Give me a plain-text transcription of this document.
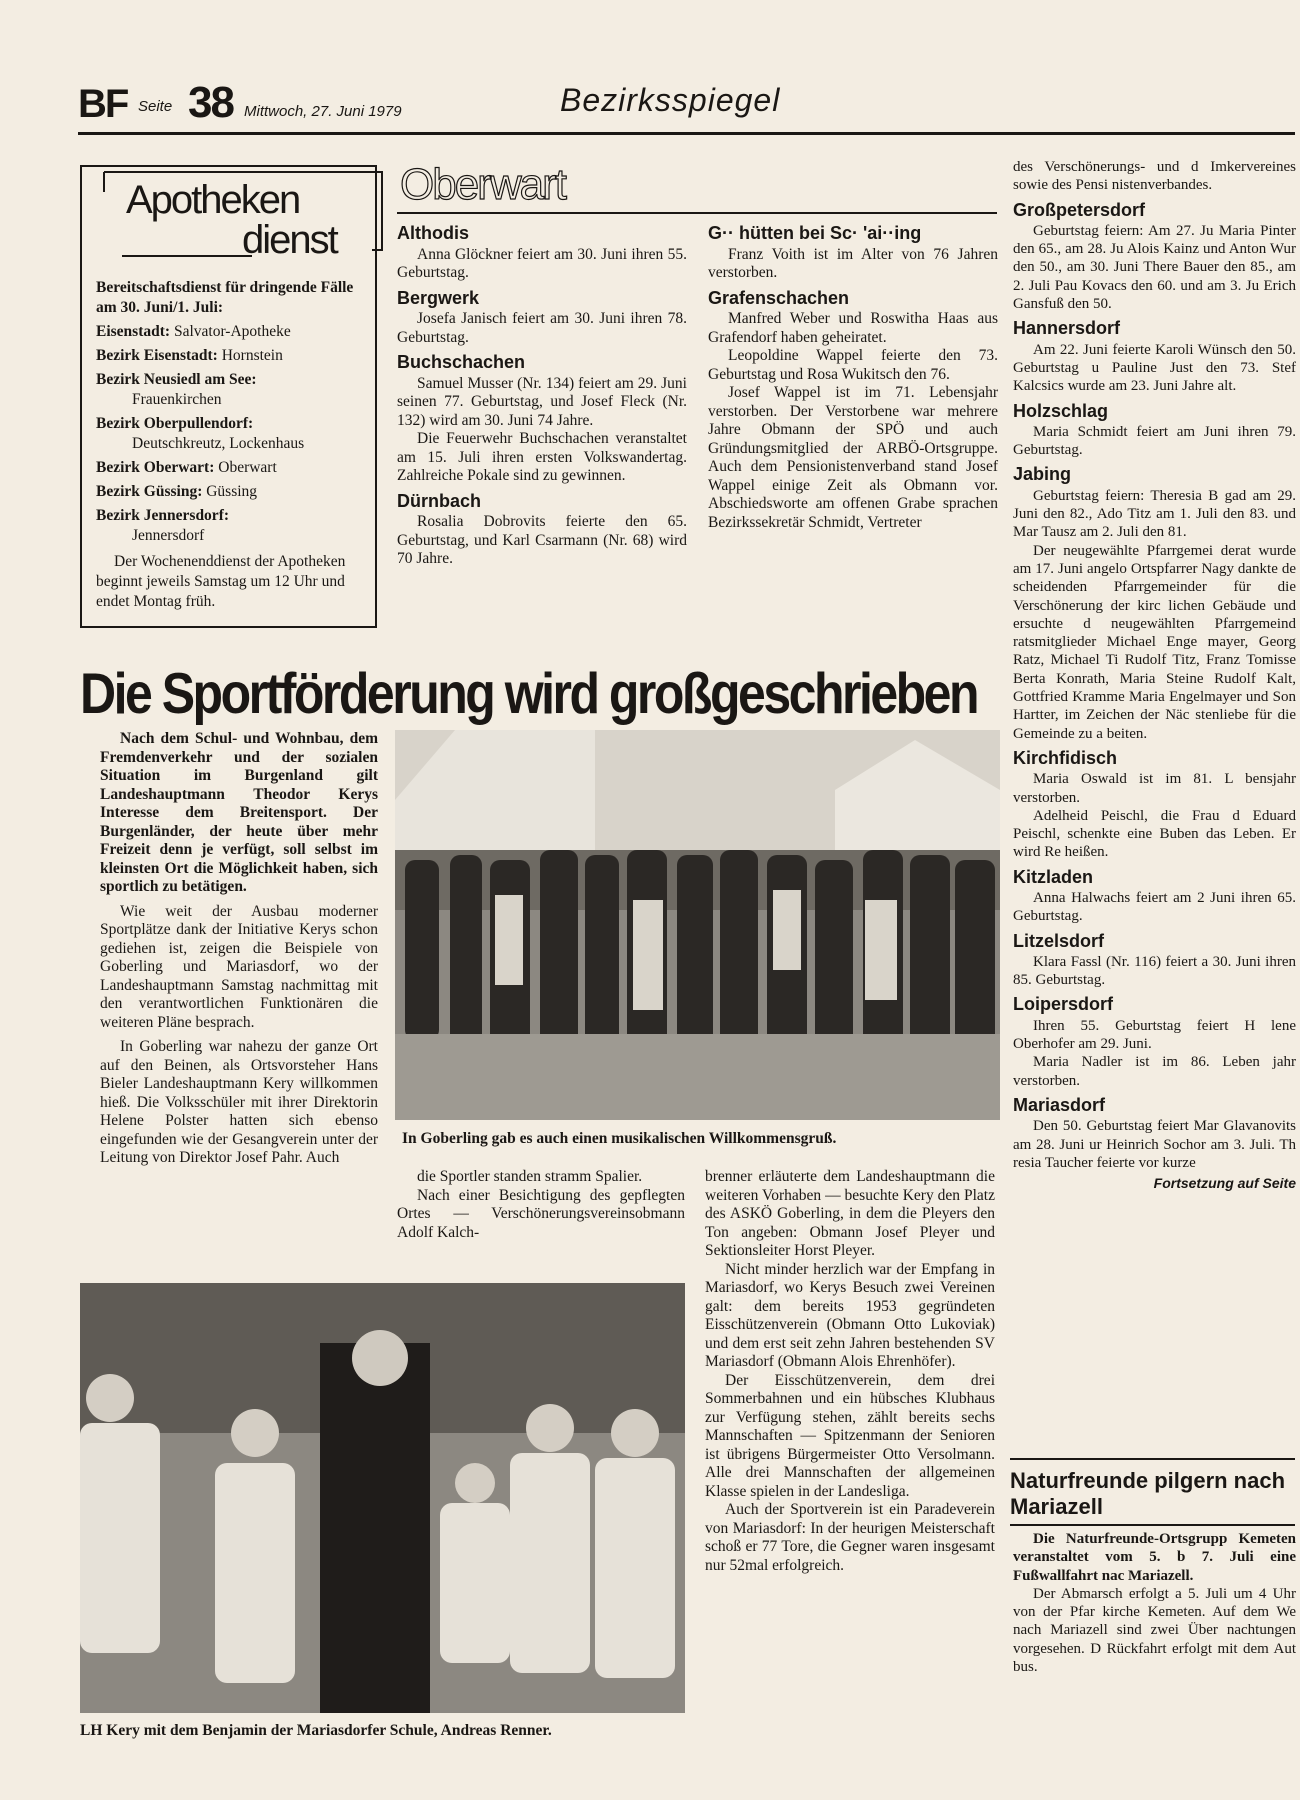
BF Seite 38 Mittwoch, 27. Juni 1979	Bezirksspiegel
Apotheken
dienst

Bereitschaftsdienst für dringende Fälle am 30. Juni/1. Juli:

Eisenstadt: Salvator-Apotheke

Bezirk Eisenstadt: Hornstein

Bezirk Neusiedl am See:
Frauenkirchen

Bezirk Oberpullendorf:
Deutschkreutz, Lockenhaus

Bezirk Oberwart: Oberwart

Bezirk Güssing: Güssing

Bezirk Jennersdorf:
Jennersdorf

Der Wochenenddienst der Apotheken beginnt jeweils Samstag um 12 Uhr und endet Montag früh.

Oberwart
Althodis

Anna Glöckner feiert am 30. Juni ihren 55. Geburtstag.

Bergwerk

Josefa Janisch feiert am 30. Juni ihren 78. Geburtstag.

Buchschachen

Samuel Musser (Nr. 134) feiert am 29. Juni seinen 77. Geburtstag, und Josef Fleck (Nr. 132) wird am 30. Juni 74 Jahre.

Die Feuerwehr Buchschachen veranstaltet am 15. Juli ihren ersten Volkswandertag. Zahlreiche Pokale sind zu gewinnen.

Dürnbach

Rosalia Dobrovits feierte den 65. Geburtstag, und Karl Csarmann (Nr. 68) wird 70 Jahre.

G·· hütten bei Sc· 'ai··ing

Franz Voith ist im Alter von 76 Jahren verstorben.

Grafenschachen

Manfred Weber und Roswitha Haas aus Grafendorf haben geheiratet.

Leopoldine Wappel feierte den 73. Geburtstag und Rosa Wukitsch den 76.

Josef Wappel ist im 71. Lebensjahr verstorben. Der Verstorbene war mehrere Jahre Obmann der SPÖ und auch Gründungsmitglied der ARBÖ-Ortsgruppe. Auch dem Pensionistenverband stand Josef Wappel einige Zeit als Obmann vor. Abschiedsworte am offenen Grabe sprachen Bezirkssekretär Schmidt, Vertreter

des Verschönerungs- und d Imkervereines sowie des Pensi nistenverbandes.

Großpetersdorf

Geburtstag feiern: Am 27. Ju Maria Pinter den 65., am 28. Ju Alois Kainz und Anton Wur den 50., am 30. Juni There Bauer den 85., am 2. Juli Pau Kovacs den 60. und am 3. Ju Erich Gansfuß den 50.

Hannersdorf

Am 22. Juni feierte Karoli Wünsch den 50. Geburtstag u Pauline Just den 73. Stef Kalcsics wurde am 23. Juni Jahre alt.

Holzschlag

Maria Schmidt feiert am Juni ihren 79. Geburtstag.

Jabing

Geburtstag feiern: Theresia B gad am 29. Juni den 82., Ado Titz am 1. Juli den 83. und Mar Tausz am 2. Juli den 81.

Der neugewählte Pfarrgemei derat wurde am 17. Juni angelo Ortspfarrer Nagy dankte de scheidenden Pfarrgemeinder für die Verschönerung der kirc lichen Gebäude und ersuchte d neugewählten Pfarrgemeind ratsmitglieder Michael Enge mayer, Georg Ratz, Michael Ti Rudolf Titz, Franz Tomisse Berta Konrath, Maria Steine Rudolf Kalt, Gottfried Kramme Maria Engelmayer und Son Hartter, im Zeichen der Näc stenliebe für die Gemeinde zu a beiten.

Kirchfidisch

Maria Oswald ist im 81. L bensjahr verstorben.

Adelheid Peischl, die Frau d Eduard Peischl, schenkte eine Buben das Leben. Er wird Re heißen.

Kitzladen

Anna Halwachs feiert am 2 Juni ihren 65. Geburtstag.

Litzelsdorf

Klara Fassl (Nr. 116) feiert a 30. Juni ihren 85. Geburtstag.

Loipersdorf

Ihren 55. Geburtstag feiert H lene Oberhofer am 29. Juni.

Maria Nadler ist im 86. Leben jahr verstorben.

Mariasdorf

Den 50. Geburtstag feiert Mar Glavanovits am 28. Juni ur Heinrich Sochor am 3. Juli. Th resia Taucher feierte vor kurze

Fortsetzung auf Seite

Naturfreunde pilgern nach Mariazell

Die Naturfreunde-Ortsgrupp Kemeten veranstaltet vom 5. b 7. Juli eine Fußwallfahrt nac Mariazell.

Der Abmarsch erfolgt a 5. Juli um 4 Uhr von der Pfar kirche Kemeten. Auf dem We nach Mariazell sind zwei Über nachtungen vorgesehen. D Rückfahrt erfolgt mit dem Aut bus.

Die Sportförderung wird großgeschrieben

Nach dem Schul- und Wohnbau, dem Fremdenverkehr und der sozialen Situation im Burgenland gilt Landeshauptmann Theodor Kerys Interesse dem Breitensport. Der Burgenländer, der heute über mehr Freizeit denn je verfügt, soll selbst im kleinsten Ort die Möglichkeit haben, sich sportlich zu betätigen.

Wie weit der Ausbau moderner Sportplätze dank der Initiative Kerys schon gediehen ist, zeigen die Beispiele von Goberling und Mariasdorf, wo der Landeshauptmann Samstag nachmittag mit den verantwortlichen Funktionären die weiteren Pläne besprach.

In Goberling war nahezu der ganze Ort auf den Beinen, als Ortsvorsteher Hans Bieler Landeshauptmann Kery willkommen hieß. Die Volksschüler mit ihrer Direktorin Helene Polster hatten sich ebenso eingefunden wie der Gesangverein unter der Leitung von Direktor Josef Pahr. Auch

In Goberling gab es auch einen musikalischen Willkommensgruß.

die Sportler standen stramm Spalier.

Nach einer Besichtigung des gepflegten Ortes — Verschönerungsvereinsobmann Adolf Kalch-

brenner erläuterte dem Landeshauptmann die weiteren Vorhaben — besuchte Kery den Platz des ASKÖ Goberling, in dem die Pleyers den Ton angeben: Obmann Josef Pleyer und Sektionsleiter Horst Pleyer.

Nicht minder herzlich war der Empfang in Mariasdorf, wo Kerys Besuch zwei Vereinen galt: dem bereits 1953 gegründeten Eisschützenverein (Obmann Otto Lukoviak) und dem erst seit zehn Jahren bestehenden SV Mariasdorf (Obmann Alois Ehrenhöfer).

Der Eisschützenverein, dem drei Sommerbahnen und ein hübsches Klubhaus zur Verfügung stehen, zählt bereits sechs Mannschaften — Spitzenmann der Senioren ist übrigens Bürgermeister Otto Versolmann. Alle drei Mannschaften der allgemeinen Klasse spielen in der Landesliga.

Auch der Sportverein ist ein Paradeverein von Mariasdorf: In der heurigen Meisterschaft schoß er 77 Tore, die Gegner waren insgesamt nur 52mal erfolgreich.

LH Kery mit dem Benjamin der Mariasdorfer Schule, Andreas Renner.
